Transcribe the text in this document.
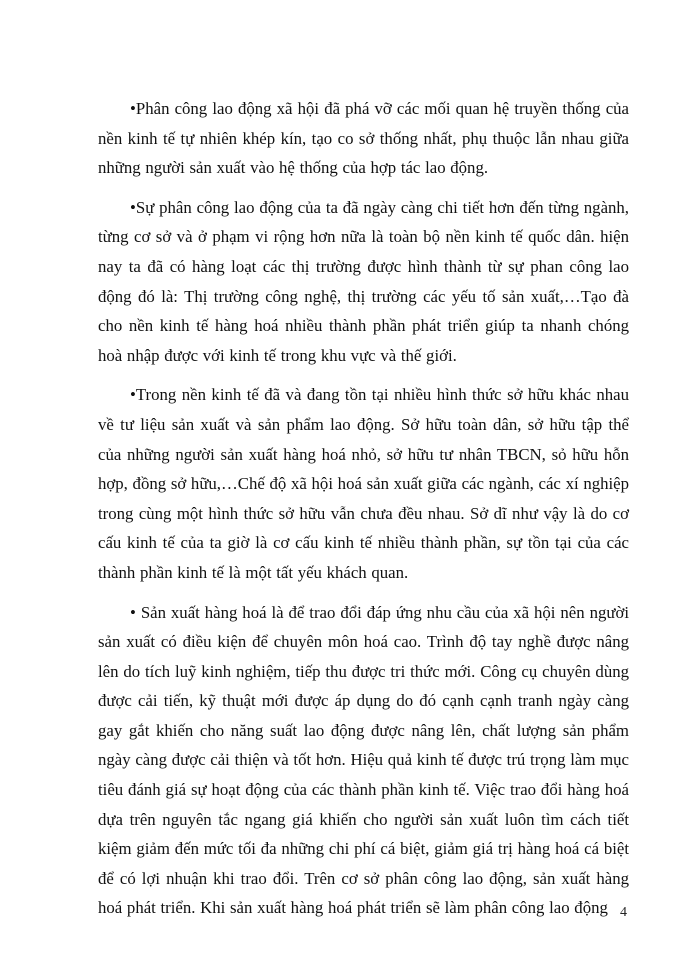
•Phân công lao động xã hội đã phá vỡ các mối quan hệ truyền thống của nền kinh tế tự nhiên khép kín, tạo co sở thống nhất, phụ thuộc lẫn nhau giữa những người sản xuất vào hệ thống của hợp tác lao động.

•Sự phân công lao động của ta đã ngày càng chi tiết hơn đến từng ngành, từng cơ sở và ở phạm vi rộng hơn nữa là toàn bộ nền kinh tế quốc dân. hiện nay ta đã có hàng loạt các thị trường được hình thành từ sự phan công lao động đó là: Thị trường công nghệ, thị trường các yếu tố sản xuất,…Tạo đà cho nền kinh tế hàng hoá nhiều thành phần phát triển giúp ta nhanh chóng hoà nhập được với kinh tế trong khu vực và thế giới.

•Trong nền kinh tế đã và đang tồn tại nhiều hình thức sở hữu khác nhau về tư liệu sản xuất và sản phẩm lao động. Sở hữu toàn dân, sở hữu tập thể của những người sản xuất hàng hoá nhỏ, sở hữu tư nhân TBCN, sỏ hữu hỗn hợp, đồng sở hữu,…Chế độ xã hội hoá sản xuất giữa các ngành, các xí nghiệp trong cùng một hình thức sở hữu vẫn chưa đều nhau. Sở dĩ như vậy là do cơ cấu kinh tế của ta giờ là cơ cấu kinh tế nhiều thành phần, sự tồn tại của các thành phần kinh tế là một tất yếu khách quan.

• Sản xuất hàng hoá là để trao đổi đáp ứng nhu cầu của xã hội nên người sản xuất có điều kiện để chuyên môn hoá cao. Trình độ tay nghề được nâng lên do tích luỹ kinh nghiệm, tiếp thu được tri thức mới. Công cụ chuyên dùng được cải tiến, kỹ thuật mới được áp dụng do đó cạnh cạnh tranh ngày càng gay gắt khiến cho năng suất lao động được nâng lên, chất lượng sản phẩm ngày càng được cải thiện và tốt hơn. Hiệu quả kinh tế được trú trọng làm mục tiêu đánh giá sự hoạt động của các thành phần kinh tế. Việc trao đổi hàng hoá dựa trên nguyên tắc ngang giá khiến cho người sản xuất luôn tìm cách tiết kiệm giảm đến mức tối đa những chi phí cá biệt, giảm giá trị hàng hoá cá biệt để có lợi nhuận khi trao đổi. Trên cơ sở phân công lao động, sản xuất hàng hoá phát triển. Khi sản xuất hàng hoá phát triển sẽ làm phân công lao động 4
